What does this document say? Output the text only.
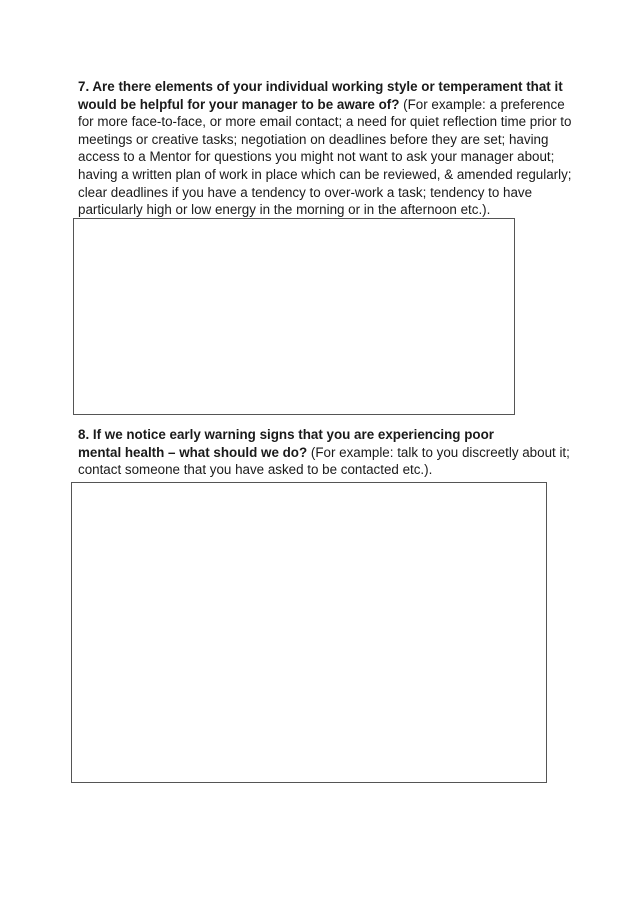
7. Are there elements of your individual working style or temperament that it
would be helpful for your manager to be aware of? (For example: a preference
for more face-to-face, or more email contact; a need for quiet reflection time prior to
meetings or creative tasks; negotiation on deadlines before they are set; having
access to a Mentor for questions you might not want to ask your manager about;
having a written plan of work in place which can be reviewed, & amended regularly;
clear deadlines if you have a tendency to over-work a task; tendency to have
particularly high or low energy in the morning or in the afternoon etc.).
8. If we notice early warning signs that you are experiencing poor
mental health – what should we do? (For example: talk to you discreetly about it;
contact someone that you have asked to be contacted etc.).
